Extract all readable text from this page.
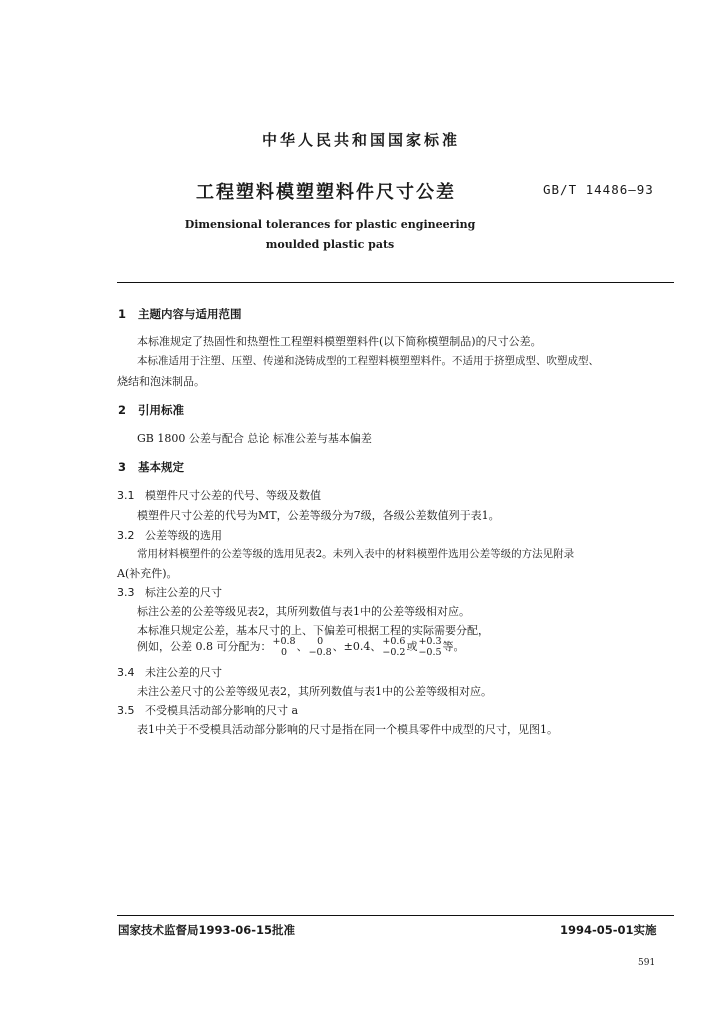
中华人民共和国国家标准
工程塑料模塑塑料件尺寸公差	GB/T 14486—93
Dimensional tolerances for plastic engineering
moulded plastic pats
1 主题内容与适用范围
本标准规定了热固性和热塑性工程塑料模塑塑料件(以下简称模塑制品)的尺寸公差。
本标准适用于注塑、压塑、传递和浇铸成型的工程塑料模塑塑料件。不适用于挤塑成型、吹塑成型、
烧结和泡沫制品。
2 引用标准
GB 1800 公差与配合 总论 标准公差与基本偏差
3 基本规定
3.1 模塑件尺寸公差的代号、等级及数值
模塑件尺寸公差的代号为MT，公差等级分为7级，各级公差数值列于表1。
3.2 公差等级的选用
常用材料模塑件的公差等级的选用见表2。未列入表中的材料模塑件选用公差等级的方法见附录
A(补充件)。
3.3 标注公差的尺寸
标注公差的公差等级见表2，其所列数值与表1中的公差等级相对应。
本标准只规定公差，基本尺寸的上、下偏差可根据工程的实际需要分配，
例如，公差 0.8 可分配为： +0.8
0 、	0
−0.8 、±0.4、 +0.6
−0.2 或 +0.3
−0.5 等。
3.4 未注公差的尺寸
未注公差尺寸的公差等级见表2，其所列数值与表1中的公差等级相对应。
3.5 不受模具活动部分影响的尺寸 a
表1中关于不受模具活动部分影响的尺寸是指在同一个模具零件中成型的尺寸，见图1。
国家技术监督局1993-06-15批准	1994-05-01实施
591
